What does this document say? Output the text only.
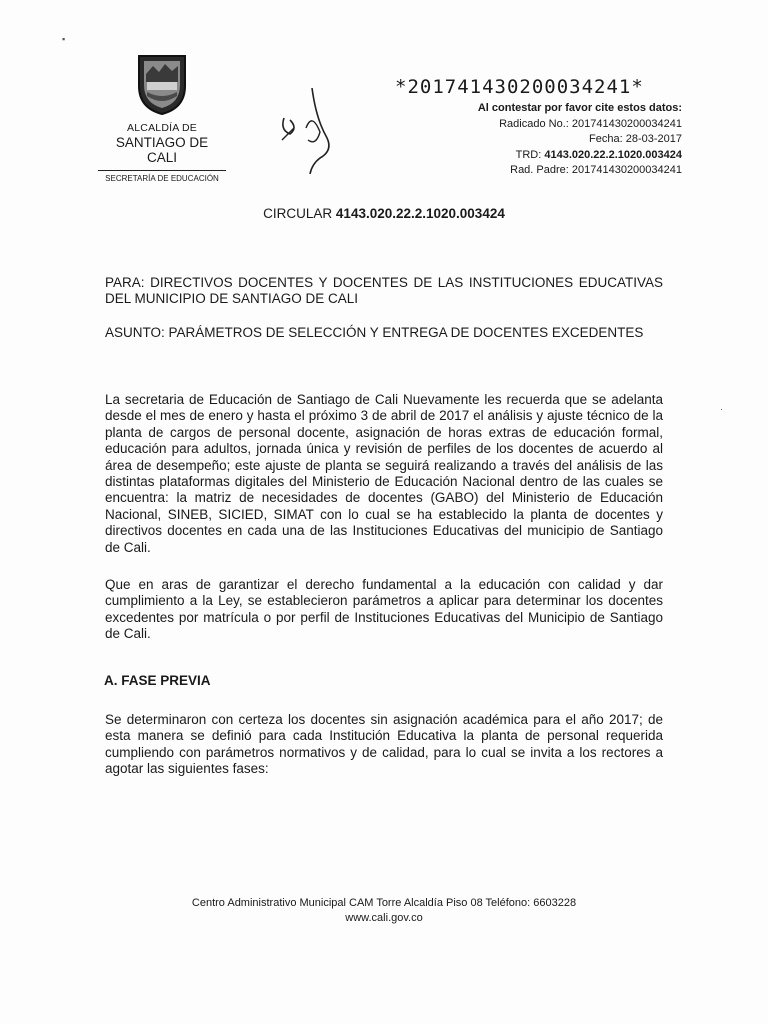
▪
ALCALDÍA DE
SANTIAGO DE CALI
SECRETARÍA DE EDUCACIÓN
*201741430200034241*
Al contestar por favor cite estos datos:
Radicado No.: 201741430200034241
Fecha: 28-03-2017
TRD: 4143.020.22.2.1020.003424
Rad. Padre: 201741430200034241
CIRCULAR 4143.020.22.2.1020.003424
PARA: DIRECTIVOS DOCENTES Y DOCENTES DE LAS INSTITUCIONES EDUCATIVAS DEL MUNICIPIO DE SANTIAGO DE CALI
ASUNTO: PARÁMETROS DE SELECCIÓN Y ENTREGA DE DOCENTES EXCEDENTES
La secretaria de Educación de Santiago de Cali Nuevamente les recuerda que se adelanta desde el mes de enero y hasta el próximo 3 de abril de 2017 el análisis y ajuste técnico de la planta de cargos de personal docente, asignación de horas extras de educación formal, educación para adultos, jornada única y revisión de perfiles de los docentes de acuerdo al área de desempeño; este ajuste de planta se seguirá realizando a través del análisis de las distintas plataformas digitales del Ministerio de Educación Nacional dentro de las cuales se encuentra: la matriz de necesidades de docentes (GABO) del Ministerio de Educación Nacional, SINEB, SICIED, SIMAT con lo cual se ha establecido la planta de docentes y directivos docentes en cada una de las Instituciones Educativas del municipio de Santiago de Cali.
Que en aras de garantizar el derecho fundamental a la educación con calidad y dar cumplimiento a la Ley, se establecieron parámetros a aplicar para determinar los docentes excedentes por matrícula o por perfil de Instituciones Educativas del Municipio de Santiago de Cali.
A. FASE PREVIA
Se determinaron con certeza los docentes sin asignación académica para el año 2017; de esta manera se definió para cada Institución Educativa la planta de personal requerida cumpliendo con parámetros normativos y de calidad, para lo cual se invita a los rectores a agotar las siguientes fases:
·
Centro Administrativo Municipal CAM Torre Alcaldía Piso 08 Teléfono: 6603228
www.cali.gov.co
